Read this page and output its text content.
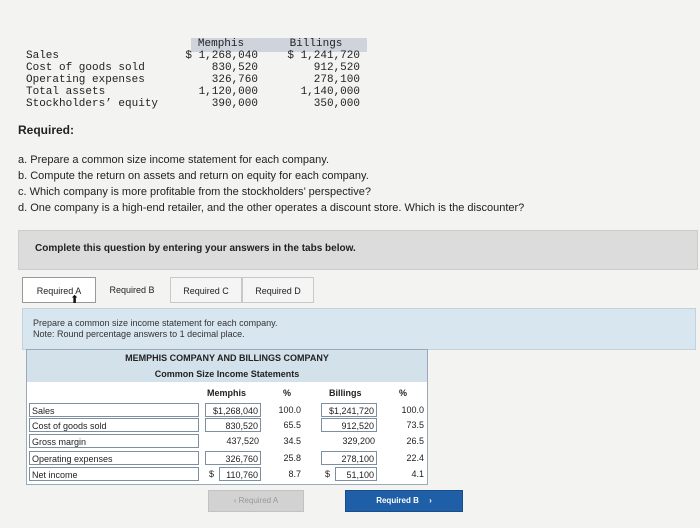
Memphis	Billings
Sales	$ 1,268,040	$ 1,241,720
Cost of goods sold	830,520	912,520
Operating expenses	326,760	278,100
Total assets	1,120,000	1,140,000
Stockholders’ equity	390,000	350,000
Required:
a. Prepare a common size income statement for each company.
b. Compute the return on assets and return on equity for each company.
c. Which company is more profitable from the stockholders’ perspective?
d. One company is a high-end retailer, and the other operates a discount store. Which is the discounter?
Complete this question by entering your answers in the tabs below.
Required A	Required B	Required C	Required D
⬆
Prepare a common size income statement for each company.
Note: Round percentage answers to 1 decimal place.
MEMPHIS COMPANY AND BILLINGS COMPANY
Common Size Income Statements
Memphis	%	Billings	%
Sales	$1,268,040	100.0	$1,241,720	100.0
Cost of goods sold	830,520	65.5	912,520	73.5
Gross margin	437,520	34.5	329,200	26.5
Operating expenses	326,760	25.8	278,100	22.4
Net income	$	110,760	8.7	$	51,100	4.1
‹ Required A	Required B ›
